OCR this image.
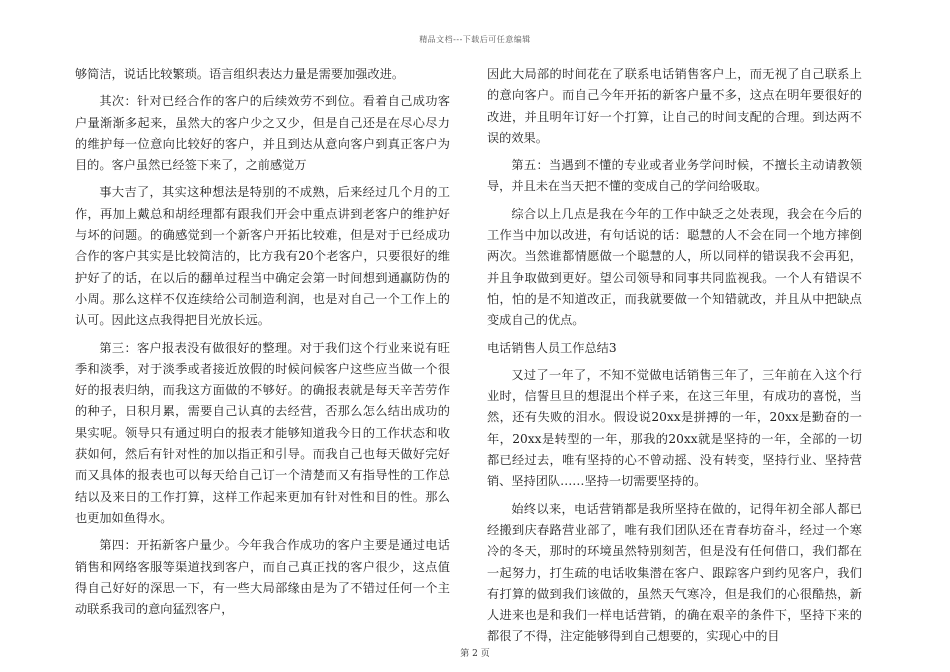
精品文档---下载后可任意编辑

够简洁，说话比较繁琐。语言组织表达力量是需要加强改进。

其次：针对已经合作的客户的后续效劳不到位。看着自己成功客户量渐渐多起来，虽然大的客户少之又少，但是自己还是在尽心尽力的维护每一位意向比较好的客户，并且到达从意向客户到真正客户为目的。客户虽然已经签下来了，之前感觉万

事大吉了，其实这种想法是特别的不成熟，后来经过几个月的工作，再加上戴总和胡经理都有跟我们开会中重点讲到老客户的维护好与坏的问题。的确感觉到一个新客户开拓比较难，但是对于已经成功合作的客户其实是比较简洁的，比方我有20个老客户，只要很好的维护好了的话，在以后的翻单过程当中确定会第一时间想到通赢防伪的小周。那么这样不仅连续给公司制造利润，也是对自己一个工作上的认可。因此这点我得把目光放长远。

第三：客户报表没有做很好的整理。对于我们这个行业来说有旺季和淡季，对于淡季或者接近放假的时候问候客户这些应当做一个很好的报表归纳，而我这方面做的不够好。的确报表就是每天辛苦劳作的种子，日积月累，需要自己认真的去经营，否那么怎么结出成功的果实呢。领导只有通过明白的报表才能够知道我今日的工作状态和收获如何，然后有针对性的加以指正和引导。而我自己也每天做好完好而又具体的报表也可以每天给自己订一个清楚而又有指导性的工作总结以及来日的工作打算，这样工作起来更加有针对性和目的性。那么也更加如鱼得水。

第四：开拓新客户量少。今年我合作成功的客户主要是通过电话销售和网络客服等渠道找到客户，而自己真正找的客户很少，这点值得自己好好的深思一下，有一些大局部缘由是为了不错过任何一个主动联系我司的意向猛烈客户，

因此大局部的时间花在了联系电话销售客户上，而无视了自己联系上的意向客户。而自己今年开拓的新客户量不多，这点在明年要很好的改进，并且明年订好一个打算，让自己的时间支配的合理。到达两不误的效果。

第五：当遇到不懂的专业或者业务学问时候，不擅长主动请教领导，并且未在当天把不懂的变成自己的学问给吸取。

综合以上几点是我在今年的工作中缺乏之处表现，我会在今后的工作当中加以改进，有句话说的话：聪慧的人不会在同一个地方摔倒两次。当然谁都情愿做一个聪慧的人，所以同样的错误我不会再犯，并且争取做到更好。望公司领导和同事共同监视我。一个人有错误不怕，怕的是不知道改正，而我就要做一个知错就改，并且从中把缺点变成自己的优点。

电话销售人员工作总结3

又过了一年了，不知不觉做电话销售三年了，三年前在入这个行业时，信誓旦旦的想混出个样子来，在这三年里，有成功的喜悦，当然，还有失败的泪水。假设说20xx是拼搏的一年，20xx是勤奋的一年，20xx是转型的一年，那我的20xx就是坚持的一年，全部的一切都已经过去，唯有坚持的心不曾动摇、没有转变，坚持行业、坚持营销、坚持团队……坚持一切需要坚持的。

始终以来，电话营销都是我所坚持在做的，记得年初全部人都已经搬到庆春路营业部了，唯有我们团队还在青春坊奋斗，经过一个寒冷的冬天，那时的环境虽然特别刻苦，但是没有任何借口，我们都在一起努力，打生疏的电话收集潜在客户、跟踪客户到约见客户，我们有打算的做到我们该做的，虽然天气寒冷，但是我们的心很酷热，新人进来也是和我们一样电话营销，的确在艰辛的条件下，坚持下来的都很了不得，注定能够得到自己想要的，实现心中的目

第 2 页
